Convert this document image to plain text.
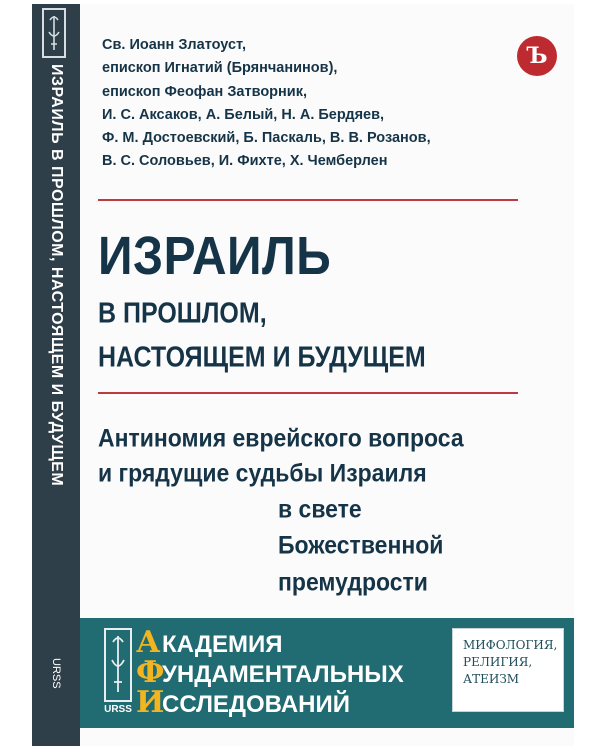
ИЗРАИЛЬ В ПРОШЛОМ, НАСТОЯЩЕМ И БУДУЩЕМ
URSS
Св. Иоанн Златоуст,
епископ Игнатий (Брянчанинов),
епископ Феофан Затворник,
И. С. Аксаков, А. Белый, Н. А. Бердяев,
Ф. М. Достоевский, Б. Паскаль, В. В. Розанов,
В. С. Соловьев, И. Фихте, Х. Чемберлен
Ъ
ИЗРАИЛЬ
В ПРОШЛОМ,
НАСТОЯЩЕМ И БУДУЩЕМ
Антиномия еврейского вопроса
и грядущие судьбы Израиля
в свете
Божественной
премудрости
URSS
АКАДЕМИЯ
ФУНДАМЕНТАЛЬНЫХ
ИССЛЕДОВАНИЙ
МИФОЛОГИЯ,
РЕЛИГИЯ,
АТЕИЗМ
